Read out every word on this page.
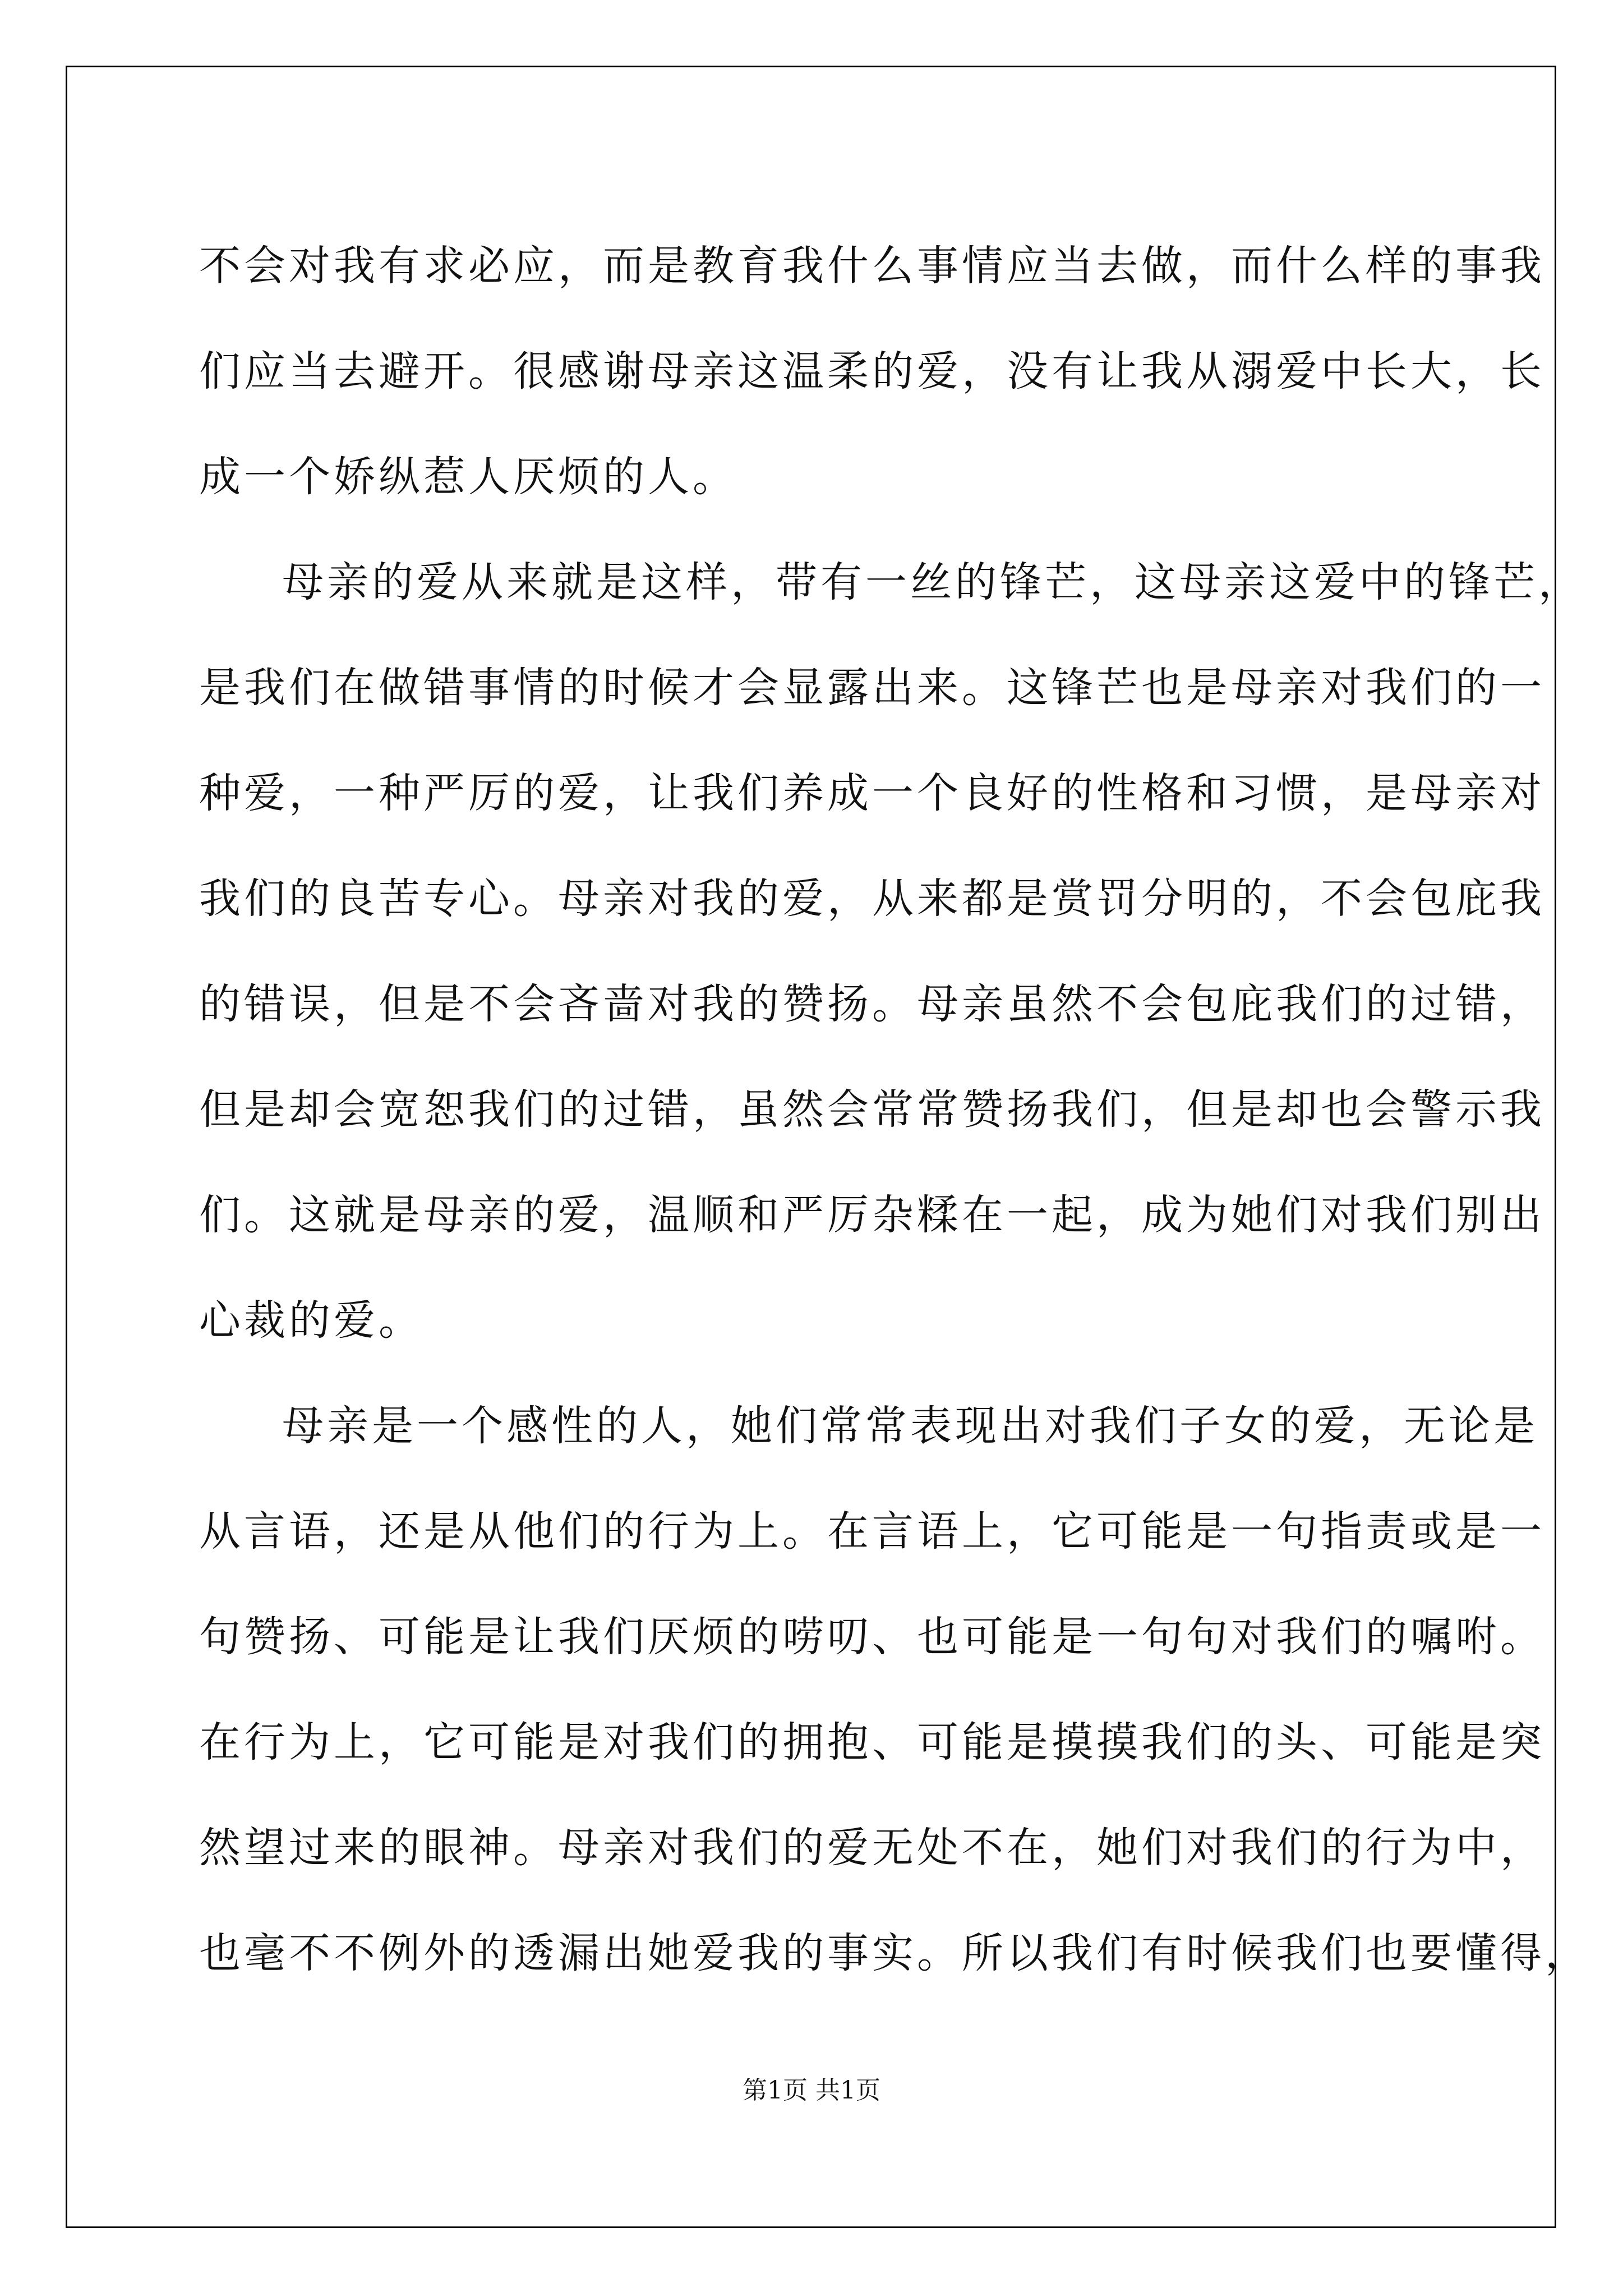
不会对我有求必应，而是教育我什么事情应当去做，而什么样的事我
们应当去避开。很感谢母亲这温柔的爱，没有让我从溺爱中长大，长
成一个娇纵惹人厌烦的人。
母亲的爱从来就是这样，带有一丝的锋芒，这母亲这爱中的锋芒，
是我们在做错事情的时候才会显露出来。这锋芒也是母亲对我们的一
种爱，一种严厉的爱，让我们养成一个良好的性格和习惯，是母亲对
我们的良苦专心。母亲对我的爱，从来都是赏罚分明的，不会包庇我
的错误，但是不会吝啬对我的赞扬。母亲虽然不会包庇我们的过错，
但是却会宽恕我们的过错，虽然会常常赞扬我们，但是却也会警示我
们。这就是母亲的爱，温顺和严厉杂糅在一起，成为她们对我们别出
心裁的爱。
母亲是一个感性的人，她们常常表现出对我们子女的爱，无论是
从言语，还是从他们的行为上。在言语上，它可能是一句指责或是一
句赞扬、可能是让我们厌烦的唠叨、也可能是一句句对我们的嘱咐。
在行为上，它可能是对我们的拥抱、可能是摸摸我们的头、可能是突
然望过来的眼神。母亲对我们的爱无处不在，她们对我们的行为中，
也毫不不例外的透漏出她爱我的事实。所以我们有时候我们也要懂得，
第1页 共1页
